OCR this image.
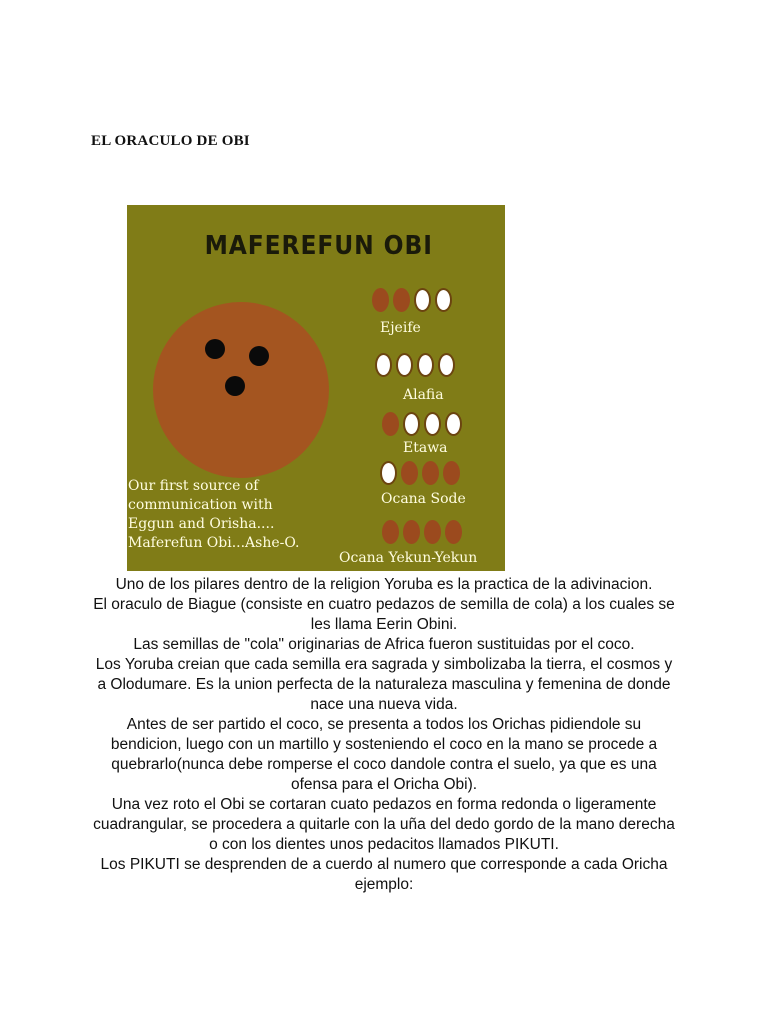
EL ORACULO DE OBI
MAFEREFUN OBI
Our first source of
communication with
Eggun and Orisha....
Maferefun Obi...Ashe-O.
Ejeife
Alafia
Etawa
Ocana Sode
Ocana Yekun-Yekun

Uno de los pilares dentro de la religion Yoruba es la practica de la adivinacion.

El oraculo de Biague (consiste en cuatro pedazos de semilla de cola) a los cuales se les llama Eerin Obini.

Las semillas de "cola" originarias de Africa fueron sustituidas por el coco.

Los Yoruba creian que cada semilla era sagrada y simbolizaba la tierra, el cosmos y a Olodumare. Es la union perfecta de la naturaleza masculina y femenina de donde nace una nueva vida.

Antes de ser partido el coco, se presenta a todos los Orichas pidiendole su bendicion, luego con un martillo y sosteniendo el coco en la mano se procede a quebrarlo(nunca debe romperse el coco dandole contra el suelo, ya que es una ofensa para el Oricha Obi).

Una vez roto el Obi se cortaran cuato pedazos en forma redonda o ligeramente cuadrangular, se procedera a quitarle con la uña del dedo gordo de la mano derecha o con los dientes unos pedacitos llamados PIKUTI.

Los PIKUTI se desprenden de a cuerdo al numero que corresponde a cada Oricha ejemplo:
